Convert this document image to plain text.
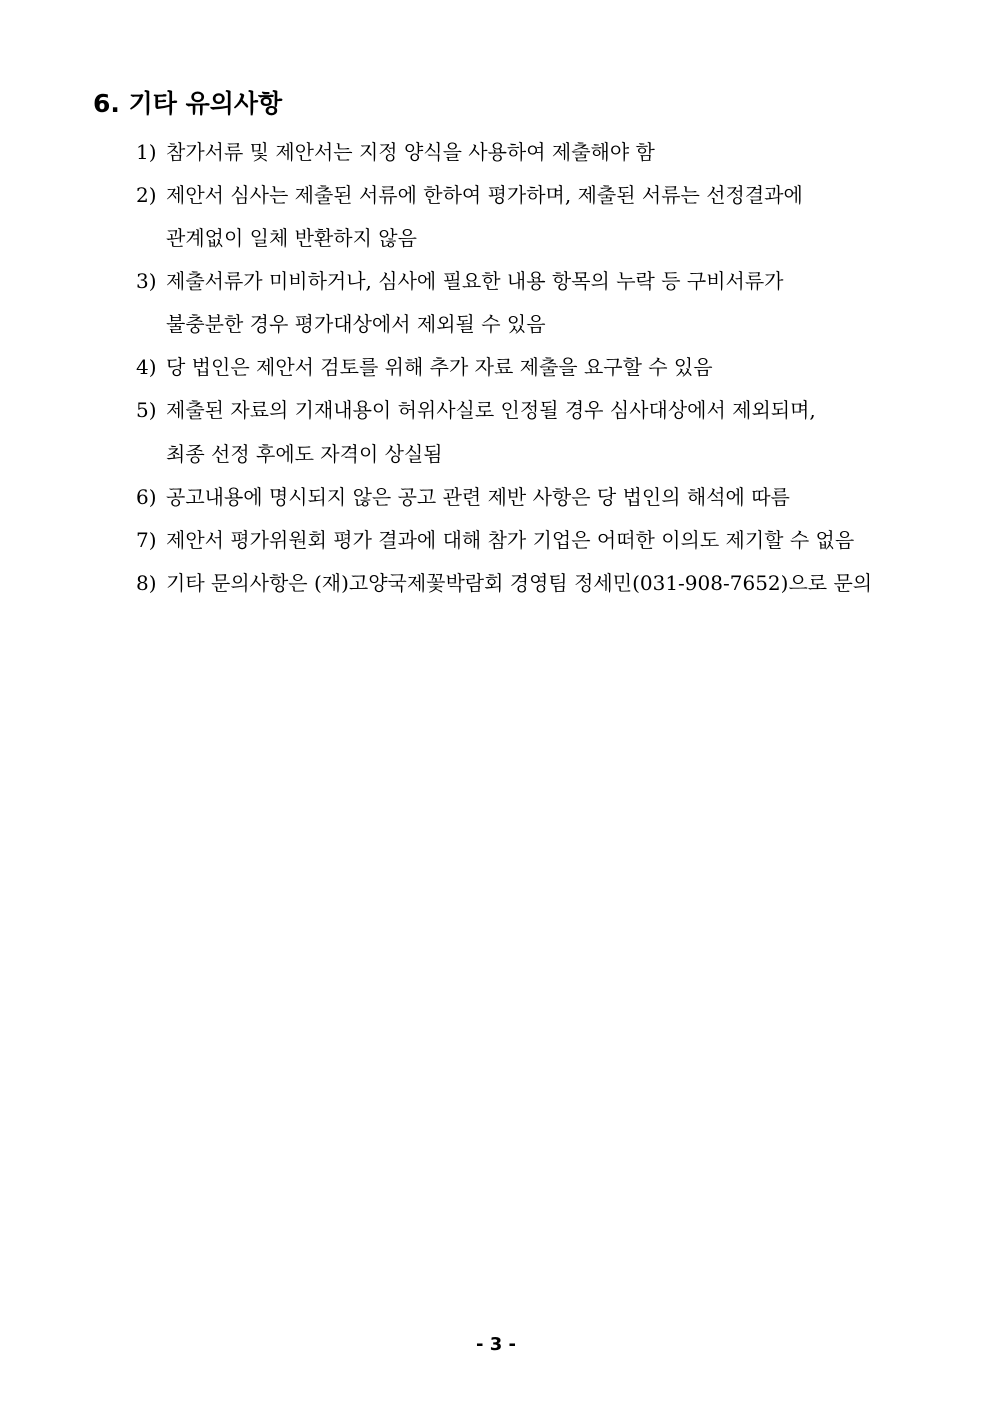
6. 기타 유의사항
1) 참가서류 및 제안서는 지정 양식을 사용하여 제출해야 함
2) 제안서 심사는 제출된 서류에 한하여 평가하며, 제출된 서류는 선정결과에
관계없이 일체 반환하지 않음
3) 제출서류가 미비하거나, 심사에 필요한 내용 항목의 누락 등 구비서류가
불충분한 경우 평가대상에서 제외될 수 있음
4) 당 법인은 제안서 검토를 위해 추가 자료 제출을 요구할 수 있음
5) 제출된 자료의 기재내용이 허위사실로 인정될 경우 심사대상에서 제외되며,
최종 선정 후에도 자격이 상실됨
6) 공고내용에 명시되지 않은 공고 관련 제반 사항은 당 법인의 해석에 따름
7) 제안서 평가위원회 평가 결과에 대해 참가 기업은 어떠한 이의도 제기할 수 없음
8) 기타 문의사항은 (재)고양국제꽃박람회 경영팀 정세민(031-908-7652)으로 문의

- 3 -
